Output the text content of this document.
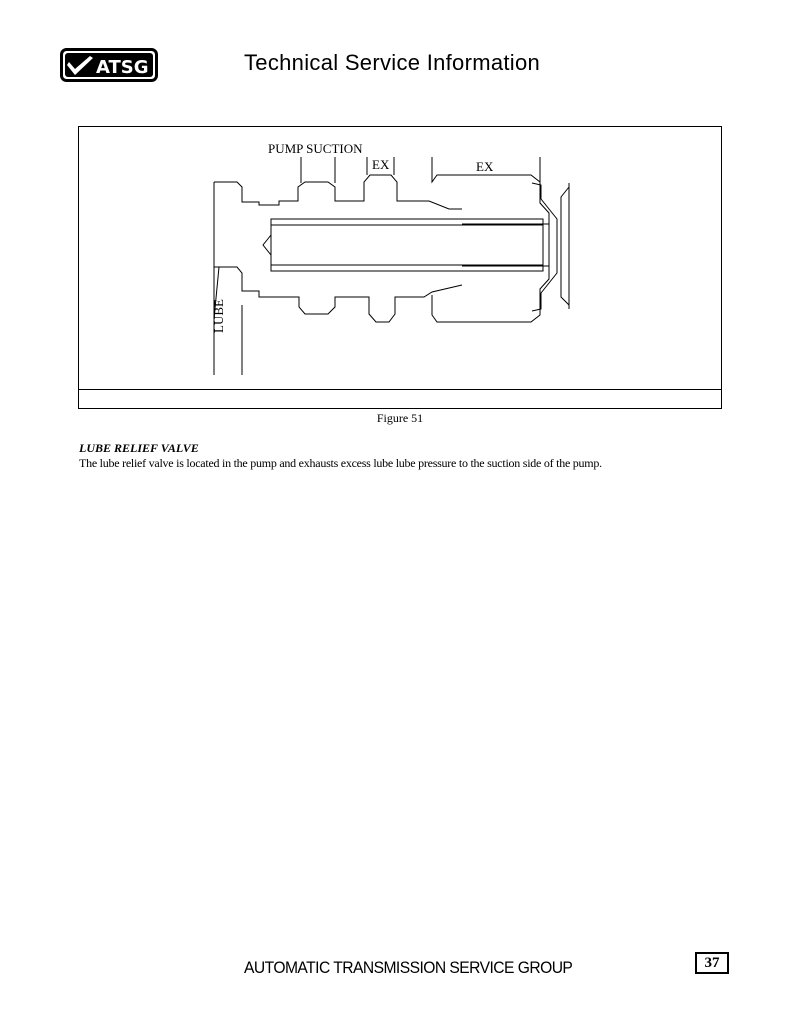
ATSG	Technical Service Information
PUMP SUCTION
EX	EX
LUBE
Figure 51
LUBE RELIEF VALVE
The lube relief valve is located in the pump and exhausts excess lube lube pressure to the suction side of the pump.
AUTOMATIC TRANSMISSION SERVICE GROUP	37
